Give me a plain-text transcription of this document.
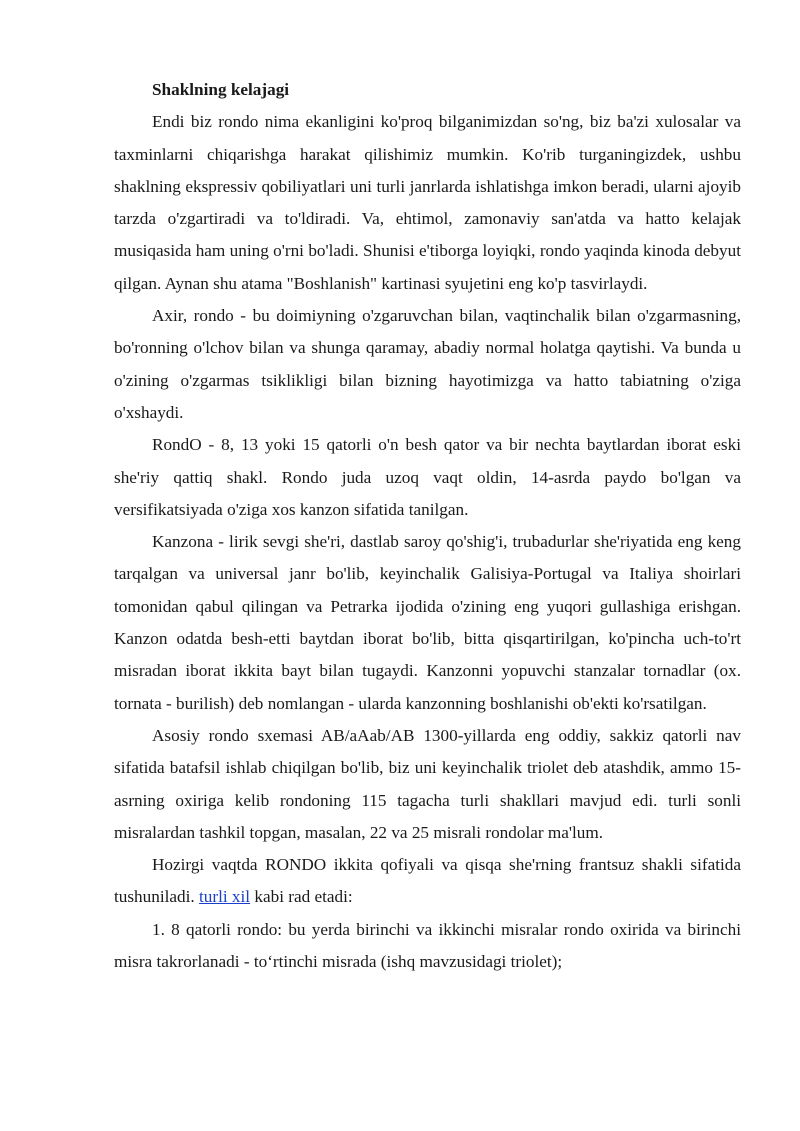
Shaklning kelajagi

Endi biz rondo nima ekanligini ko'proq bilganimizdan so'ng, biz ba'zi xulosalar va taxminlarni chiqarishga harakat qilishimiz mumkin. Ko'rib turganingizdek, ushbu shaklning ekspressiv qobiliyatlari uni turli janrlarda ishlatishga imkon beradi, ularni ajoyib tarzda o'zgartiradi va to'ldiradi. Va, ehtimol, zamonaviy san'atda va hatto kelajak musiqasida ham uning o'rni bo'ladi. Shunisi e'tiborga loyiqki, rondo yaqinda kinoda debyut qilgan. Aynan shu atama "Boshlanish" kartinasi syujetini eng ko'p tasvirlaydi.

Axir, rondo - bu doimiyning o'zgaruvchan bilan, vaqtinchalik bilan o'zgarmasning, bo'ronning o'lchov bilan va shunga qaramay, abadiy normal holatga qaytishi. Va bunda u o'zining o'zgarmas tsiklikligi bilan bizning hayotimizga va hatto tabiatning o'ziga o'xshaydi.

RondO - 8, 13 yoki 15 qatorli o'n besh qator va bir nechta baytlardan iborat eski she'riy qattiq shakl. Rondo juda uzoq vaqt oldin, 14-asrda paydo bo'lgan va versifikatsiyada o'ziga xos kanzon sifatida tanilgan.

Kanzona - lirik sevgi she'ri, dastlab saroy qo'shig'i, trubadurlar she'riyatida eng keng tarqalgan va universal janr bo'lib, keyinchalik Galisiya-Portugal va Italiya shoirlari tomonidan qabul qilingan va Petrarka ijodida o'zining eng yuqori gullashiga erishgan. Kanzon odatda besh-etti baytdan iborat bo'lib, bitta qisqartirilgan, ko'pincha uch-to'rt misradan iborat ikkita bayt bilan tugaydi. Kanzonni yopuvchi stanzalar tornadlar (ox. tornata - burilish) deb nomlangan - ularda kanzonning boshlanishi ob'ekti ko'rsatilgan.

Asosiy rondo sxemasi AB/aAab/AB 1300-yillarda eng oddiy, sakkiz qatorli nav sifatida batafsil ishlab chiqilgan bo'lib, biz uni keyinchalik triolet deb atashdik, ammo 15-asrning oxiriga kelib rondoning 115 tagacha turli shakllari mavjud edi. turli sonli misralardan tashkil topgan, masalan, 22 va 25 misrali rondolar ma'lum.

Hozirgi vaqtda RONDO ikkita qofiyali va qisqa she'rning frantsuz shakli sifatida tushuniladi. turli xil kabi rad etadi:

1. 8 qatorli rondo: bu yerda birinchi va ikkinchi misralar rondo oxirida va birinchi misra takrorlanadi - to‘rtinchi misrada (ishq mavzusidagi triolet);
